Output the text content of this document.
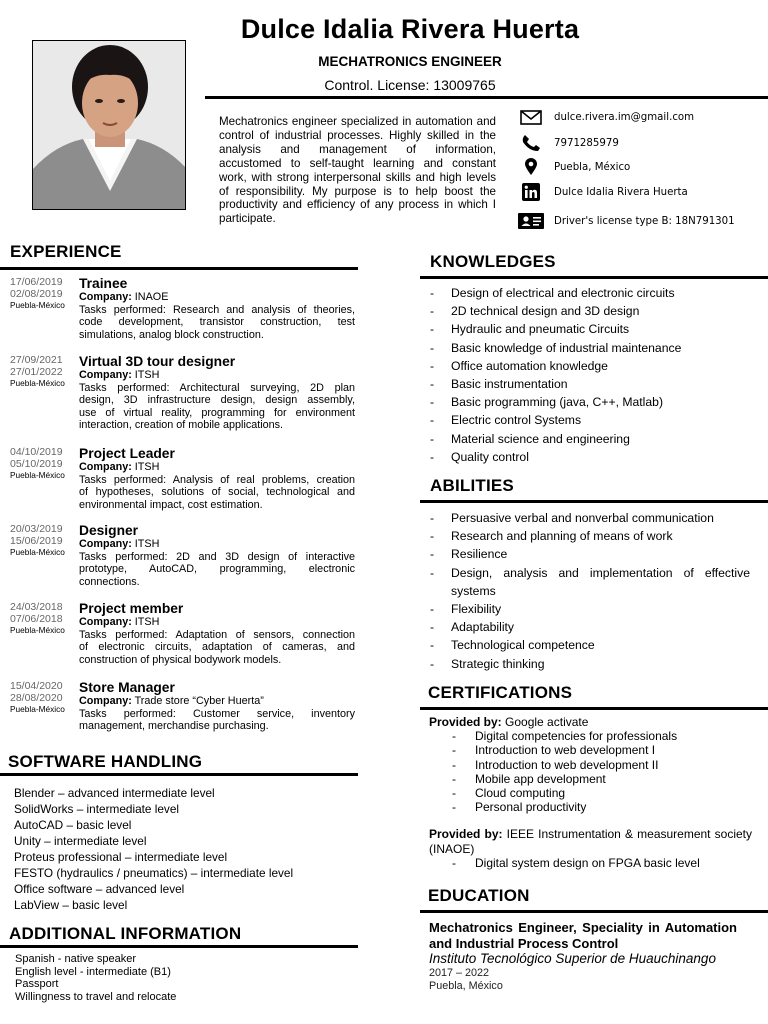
Dulce Idalia Rivera Huerta
MECHATRONICS ENGINEER
Control. License: 13009765
Mechatronics engineer specialized in automation and control of industrial processes. Highly skilled in the analysis and management of information, accustomed to self-taught learning and constant work, with strong interpersonal skills and high levels of responsibility. My purpose is to help boost the productivity and efficiency of any process in which I participate.
dulce.rivera.im@gmail.com
7971285979
Puebla, México
Dulce Idalia Rivera Huerta
Driver's license type B: 18N791301
EXPERIENCE
17/06/2019
02/08/2019
Puebla-México
Trainee
Company: INAOE
Tasks performed: Research and analysis of theories,
code development, transistor construction, test
simulations, analog block construction.
27/09/2021
27/01/2022
Puebla-México
Virtual 3D tour designer
Company: ITSH
Tasks performed: Architectural surveying, 2D plan
design, 3D infrastructure design, design assembly,
use of virtual reality, programming for environment
interaction, creation of mobile applications.
04/10/2019
05/10/2019
Puebla-México
Project Leader
Company: ITSH
Tasks performed: Analysis of real problems, creation
of hypotheses, solutions of social, technological and
environmental impact, cost estimation.
20/03/2019
15/06/2019
Puebla-México
Designer
Company: ITSH
Tasks performed: 2D and 3D design of interactive
prototype, AutoCAD, programming, electronic
connections.
24/03/2018
07/06/2018
Puebla-México
Project member
Company: ITSH
Tasks performed: Adaptation of sensors, connection
of electronic circuits, adaptation of cameras, and
construction of physical bodywork models.
15/04/2020
28/08/2020
Puebla-México
Store Manager
Company: Trade store “Cyber Huerta”
Tasks performed: Customer service, inventory
management, merchandise purchasing.
SOFTWARE HANDLING
Blender – advanced intermediate level
SolidWorks – intermediate level
AutoCAD – basic level
Unity – intermediate level
Proteus professional – intermediate level
FESTO (hydraulics / pneumatics) – intermediate level
Office software – advanced level
LabView – basic level
ADDITIONAL INFORMATION
Spanish - native speaker
English level - intermediate (B1)
Passport
Willingness to travel and relocate
KNOWLEDGES
- Design of electrical and electronic circuits
- 2D technical design and 3D design
- Hydraulic and pneumatic Circuits
- Basic knowledge of industrial maintenance
- Office automation knowledge
- Basic instrumentation
- Basic programming (java, C++, Matlab)
- Electric control Systems
- Material science and engineering
- Quality control
ABILITIES
- Persuasive verbal and nonverbal communication
- Research and planning of means of work
- Resilience
- Design, analysis and implementation of effective systems
- Flexibility
- Adaptability
- Technological competence
- Strategic thinking
CERTIFICATIONS
Provided by: Google activate
- Digital competencies for professionals
- Introduction to web development I
- Introduction to web development II
- Mobile app development
- Cloud computing
- Personal productivity
Provided by: IEEE Instrumentation & measurement society (INAOE)
- Digital system design on FPGA basic level
EDUCATION
Mechatronics Engineer, Speciality in Automation and Industrial Process Control
Instituto Tecnológico Superior de Huauchinango
2017 – 2022
Puebla, México
